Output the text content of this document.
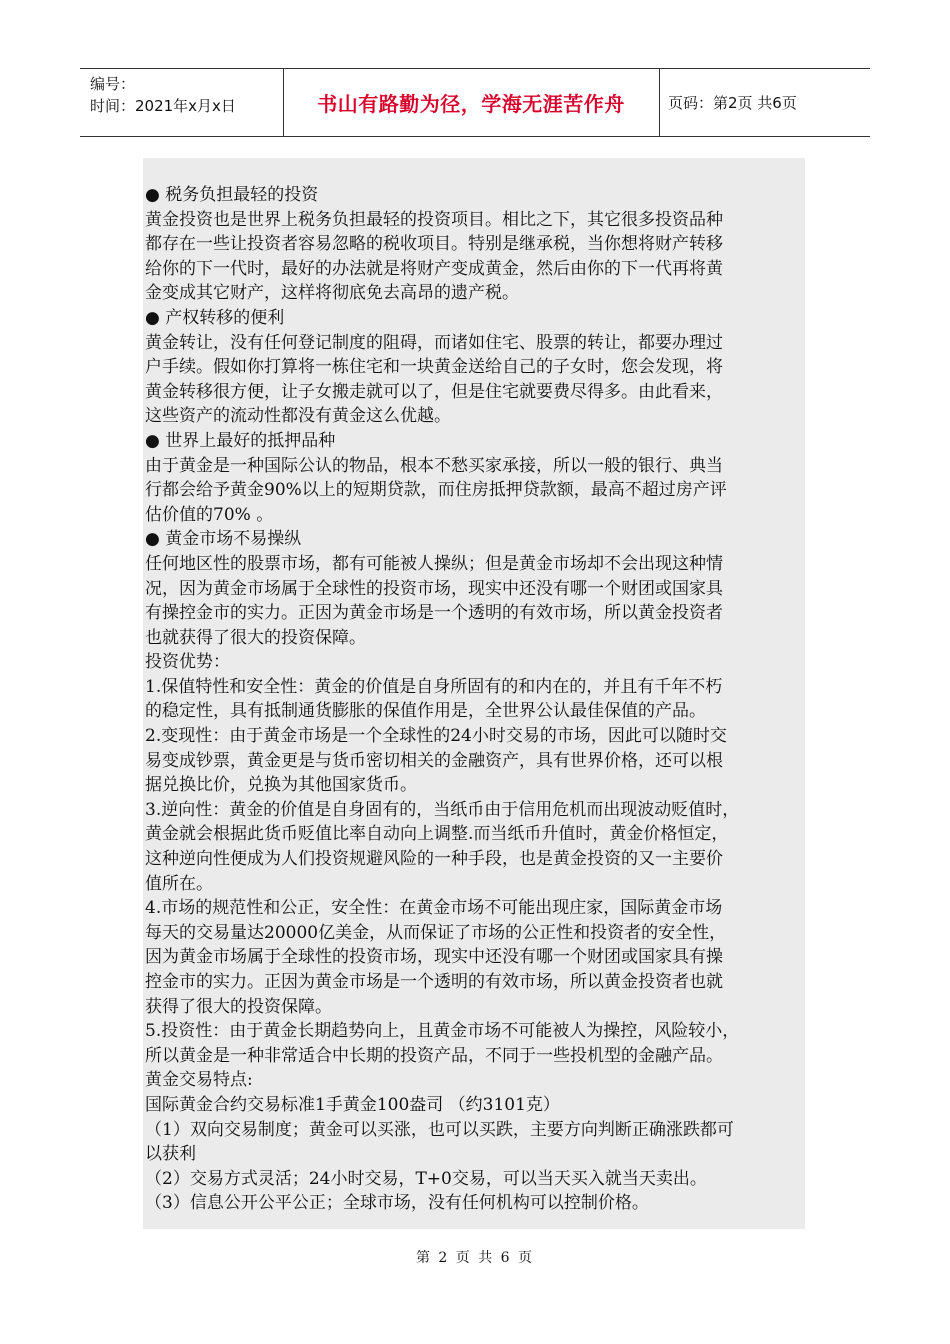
编号：
时间：2021年x月x日	书山有路勤为径，学海无涯苦作舟	页码：第2页 共6页
● 税务负担最轻的投资
黄金投资也是世界上税务负担最轻的投资项目。相比之下，其它很多投资品种
都存在一些让投资者容易忽略的税收项目。特别是继承税，当你想将财产转移
给你的下一代时，最好的办法就是将财产变成黄金，然后由你的下一代再将黄
金变成其它财产，这样将彻底免去高昂的遗产税。
● 产权转移的便利
黄金转让，没有任何登记制度的阻碍，而诸如住宅、股票的转让，都要办理过
户手续。假如你打算将一栋住宅和一块黄金送给自己的子女时，您会发现，将
黄金转移很方便，让子女搬走就可以了，但是住宅就要费尽得多。由此看来，
这些资产的流动性都没有黄金这么优越。
● 世界上最好的抵押品种
由于黄金是一种国际公认的物品，根本不愁买家承接，所以一般的银行、典当
行都会给予黄金90%以上的短期贷款，而住房抵押贷款额，最高不超过房产评
估价值的70% 。
● 黄金市场不易操纵
任何地区性的股票市场，都有可能被人操纵；但是黄金市场却不会出现这种情
况，因为黄金市场属于全球性的投资市场，现实中还没有哪一个财团或国家具
有操控金市的实力。正因为黄金市场是一个透明的有效市场，所以黄金投资者
也就获得了很大的投资保障。
投资优势：
1.保值特性和安全性：黄金的价值是自身所固有的和内在的，并且有千年不朽
的稳定性，具有抵制通货膨胀的保值作用是，全世界公认最佳保值的产品。
2.变现性：由于黄金市场是一个全球性的24小时交易的市场，因此可以随时交
易变成钞票，黄金更是与货币密切相关的金融资产，具有世界价格，还可以根
据兑换比价，兑换为其他国家货币。
3.逆向性：黄金的价值是自身固有的，当纸币由于信用危机而出现波动贬值时，
黄金就会根据此货币贬值比率自动向上调整.而当纸币升值时，黄金价格恒定，
这种逆向性便成为人们投资规避风险的一种手段，也是黄金投资的又一主要价
值所在。
4.市场的规范性和公正，安全性：在黄金市场不可能出现庄家，国际黄金市场
每天的交易量达20000亿美金，从而保证了市场的公正性和投资者的安全性，
因为黄金市场属于全球性的投资市场，现实中还没有哪一个财团或国家具有操
控金市的实力。正因为黄金市场是一个透明的有效市场，所以黄金投资者也就
获得了很大的投资保障。
5.投资性：由于黄金长期趋势向上，且黄金市场不可能被人为操控，风险较小，
所以黄金是一种非常适合中长期的投资产品，不同于一些投机型的金融产品。
黄金交易特点:
国际黄金合约交易标准1手黄金100盎司 （约3101克）
（1）双向交易制度；黄金可以买涨，也可以买跌，主要方向判断正确涨跌都可
以获利
（2）交易方式灵活；24小时交易，T+0交易，可以当天买入就当天卖出。
（3）信息公开公平公正；全球市场，没有任何机构可以控制价格。
第 2 页 共 6 页
